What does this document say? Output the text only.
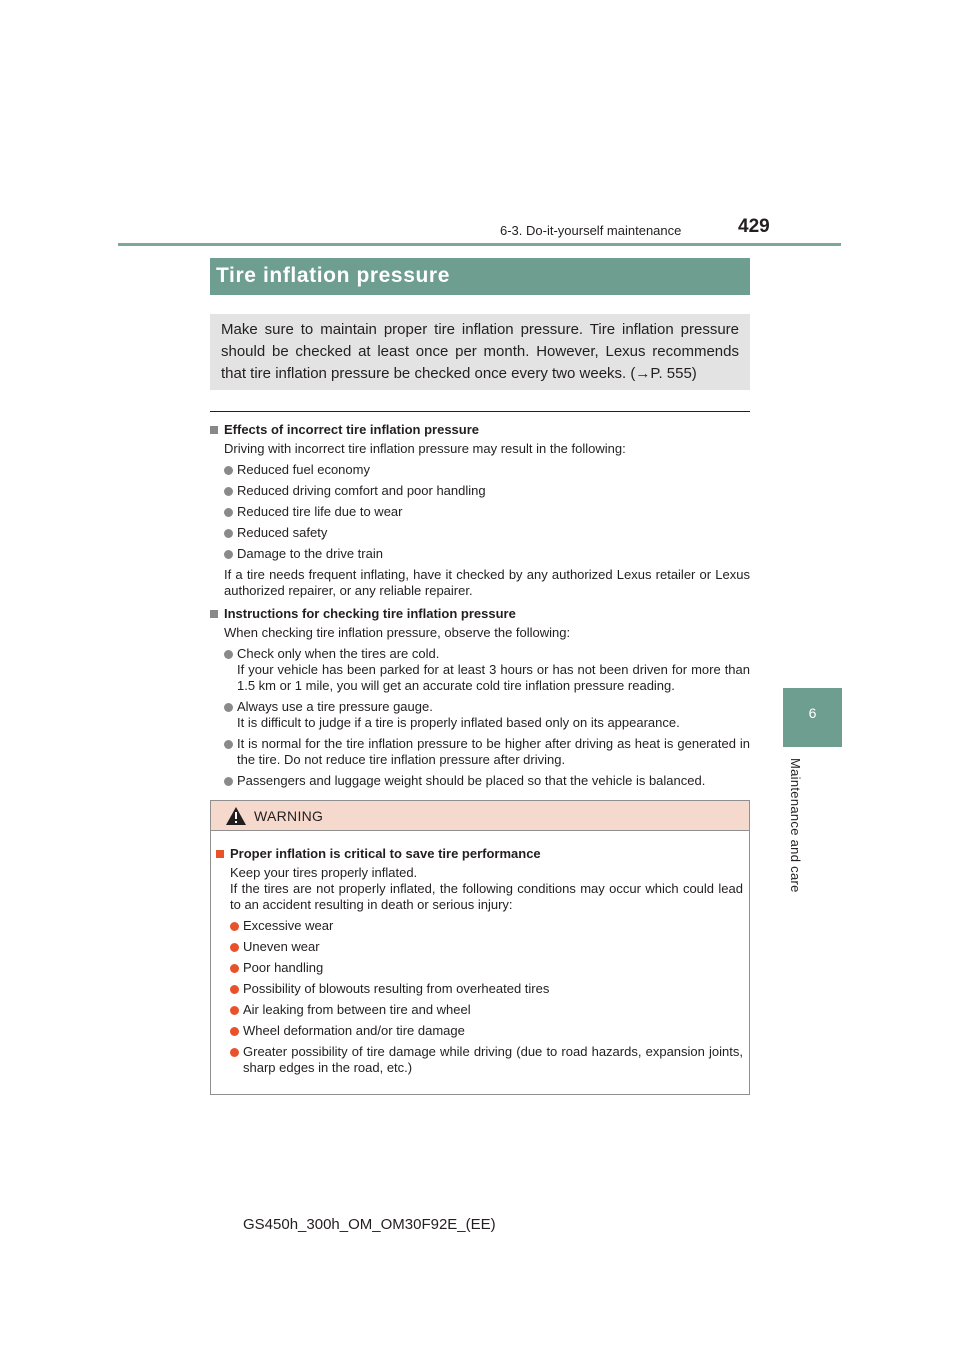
6-3. Do-it-yourself maintenance	429
6
Maintenance and care
Tire inflation pressure
Make sure to maintain proper tire inflation pressure. Tire inflation pressure should be checked at least once per month. However, Lexus recommends that tire inflation pressure be checked once every two weeks. (→P. 555)
Effects of incorrect tire inflation pressure
Driving with incorrect tire inflation pressure may result in the following:
Reduced fuel economy
Reduced driving comfort and poor handling
Reduced tire life due to wear
Reduced safety
Damage to the drive train
If a tire needs frequent inflating, have it checked by any authorized Lexus retailer or Lexus authorized repairer, or any reliable repairer.
Instructions for checking tire inflation pressure
When checking tire inflation pressure, observe the following:
Check only when the tires are cold.
If your vehicle has been parked for at least 3 hours or has not been driven for more than 1.5 km or 1 mile, you will get an accurate cold tire inflation pressure reading.
Always use a tire pressure gauge.
It is difficult to judge if a tire is properly inflated based only on its appearance.
It is normal for the tire inflation pressure to be higher after driving as heat is generated in the tire. Do not reduce tire inflation pressure after driving.
Passengers and luggage weight should be placed so that the vehicle is balanced.
WARNING
Proper inflation is critical to save tire performance
Keep your tires properly inflated.
If the tires are not properly inflated, the following conditions may occur which could lead to an accident resulting in death or serious injury:
Excessive wear
Uneven wear
Poor handling
Possibility of blowouts resulting from overheated tires
Air leaking from between tire and wheel
Wheel deformation and/or tire damage
Greater possibility of tire damage while driving (due to road hazards, expansion joints, sharp edges in the road, etc.)
GS450h_300h_OM_OM30F92E_(EE)
